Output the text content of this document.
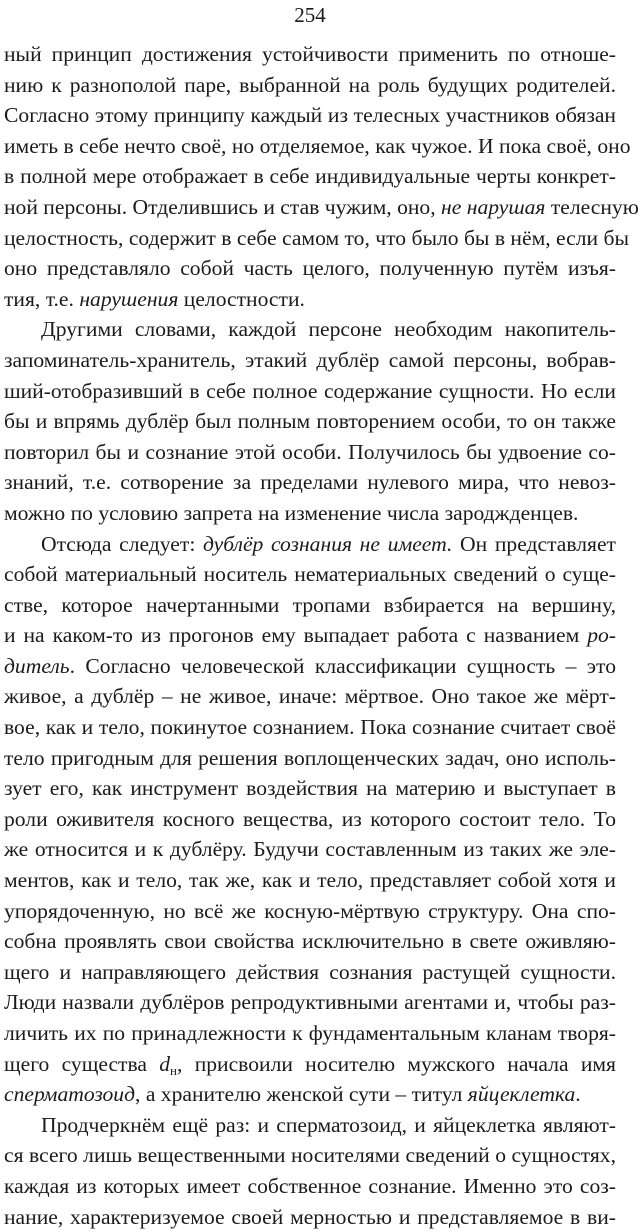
254
ный принцип достижения устойчивости применить по отноше-
нию к разнополой паре, выбранной на роль будущих родителей.
Согласно этому принципу каждый из телесных участников обязан
иметь в себе нечто своё, но отделяемое, как чужое. И пока своё, оно
в полной мере отображает в себе индивидуальные черты конкрет-
ной персоны. Отделившись и став чужим, оно, не нарушая телесную
целостность, содержит в себе самом то, что было бы в нём, если бы
оно представляло собой часть целого, полученную путём изъя-
тия, т.е. нарушения целостности.
Другими словами, каждой персоне необходим накопитель-
запоминатель-хранитель, этакий дублёр самой персоны, вобрав-
ший-отобразивший в себе полное содержание сущности. Но если
бы и впрямь дублёр был полным повторением особи, то он также
повторил бы и сознание этой особи. Получилось бы удвоение со-
знаний, т.е. сотворение за пределами нулевого мира, что невоз-
можно по условию запрета на изменение числа зароджденцев.
Отсюда следует: дублёр сознания не имеет. Он представляет
собой материальный носитель нематериальных сведений о суще-
стве, которое начертанными тропами взбирается на вершину,
и на каком-то из прогонов ему выпадает работа с названием ро-
дитель. Согласно человеческой классификации сущность – это
живое, а дублёр – не живое, иначе: мёртвое. Оно такое же мёрт-
вое, как и тело, покинутое сознанием. Пока сознание считает своё
тело пригодным для решения воплощенческих задач, оно исполь-
зует его, как инструмент воздействия на материю и выступает в
роли оживителя косного вещества, из которого состоит тело. То
же относится и к дублёру. Будучи составленным из таких же эле-
ментов, как и тело, так же, как и тело, представляет собой хотя и
упорядоченную, но всё же косную-мёртвую структуру. Она спо-
собна проявлять свои свойства исключительно в свете оживляю-
щего и направляющего действия сознания растущей сущности.
Люди назвали дублёров репродуктивными агентами и, чтобы раз-
личить их по принадлежности к фундаментальным кланам творя-
щего существа dн, присвоили носителю мужского начала имя
сперматозоид, а хранителю женской сути – титул яйцеклетка.
Продчеркнём ещё раз: и сперматозоид, и яйцеклетка являют-
ся всего лишь вещественными носителями сведений о сущностях,
каждая из которых имеет собственное сознание. Именно это соз-
нание, характеризуемое своей мерностью и представляемое в ви-
